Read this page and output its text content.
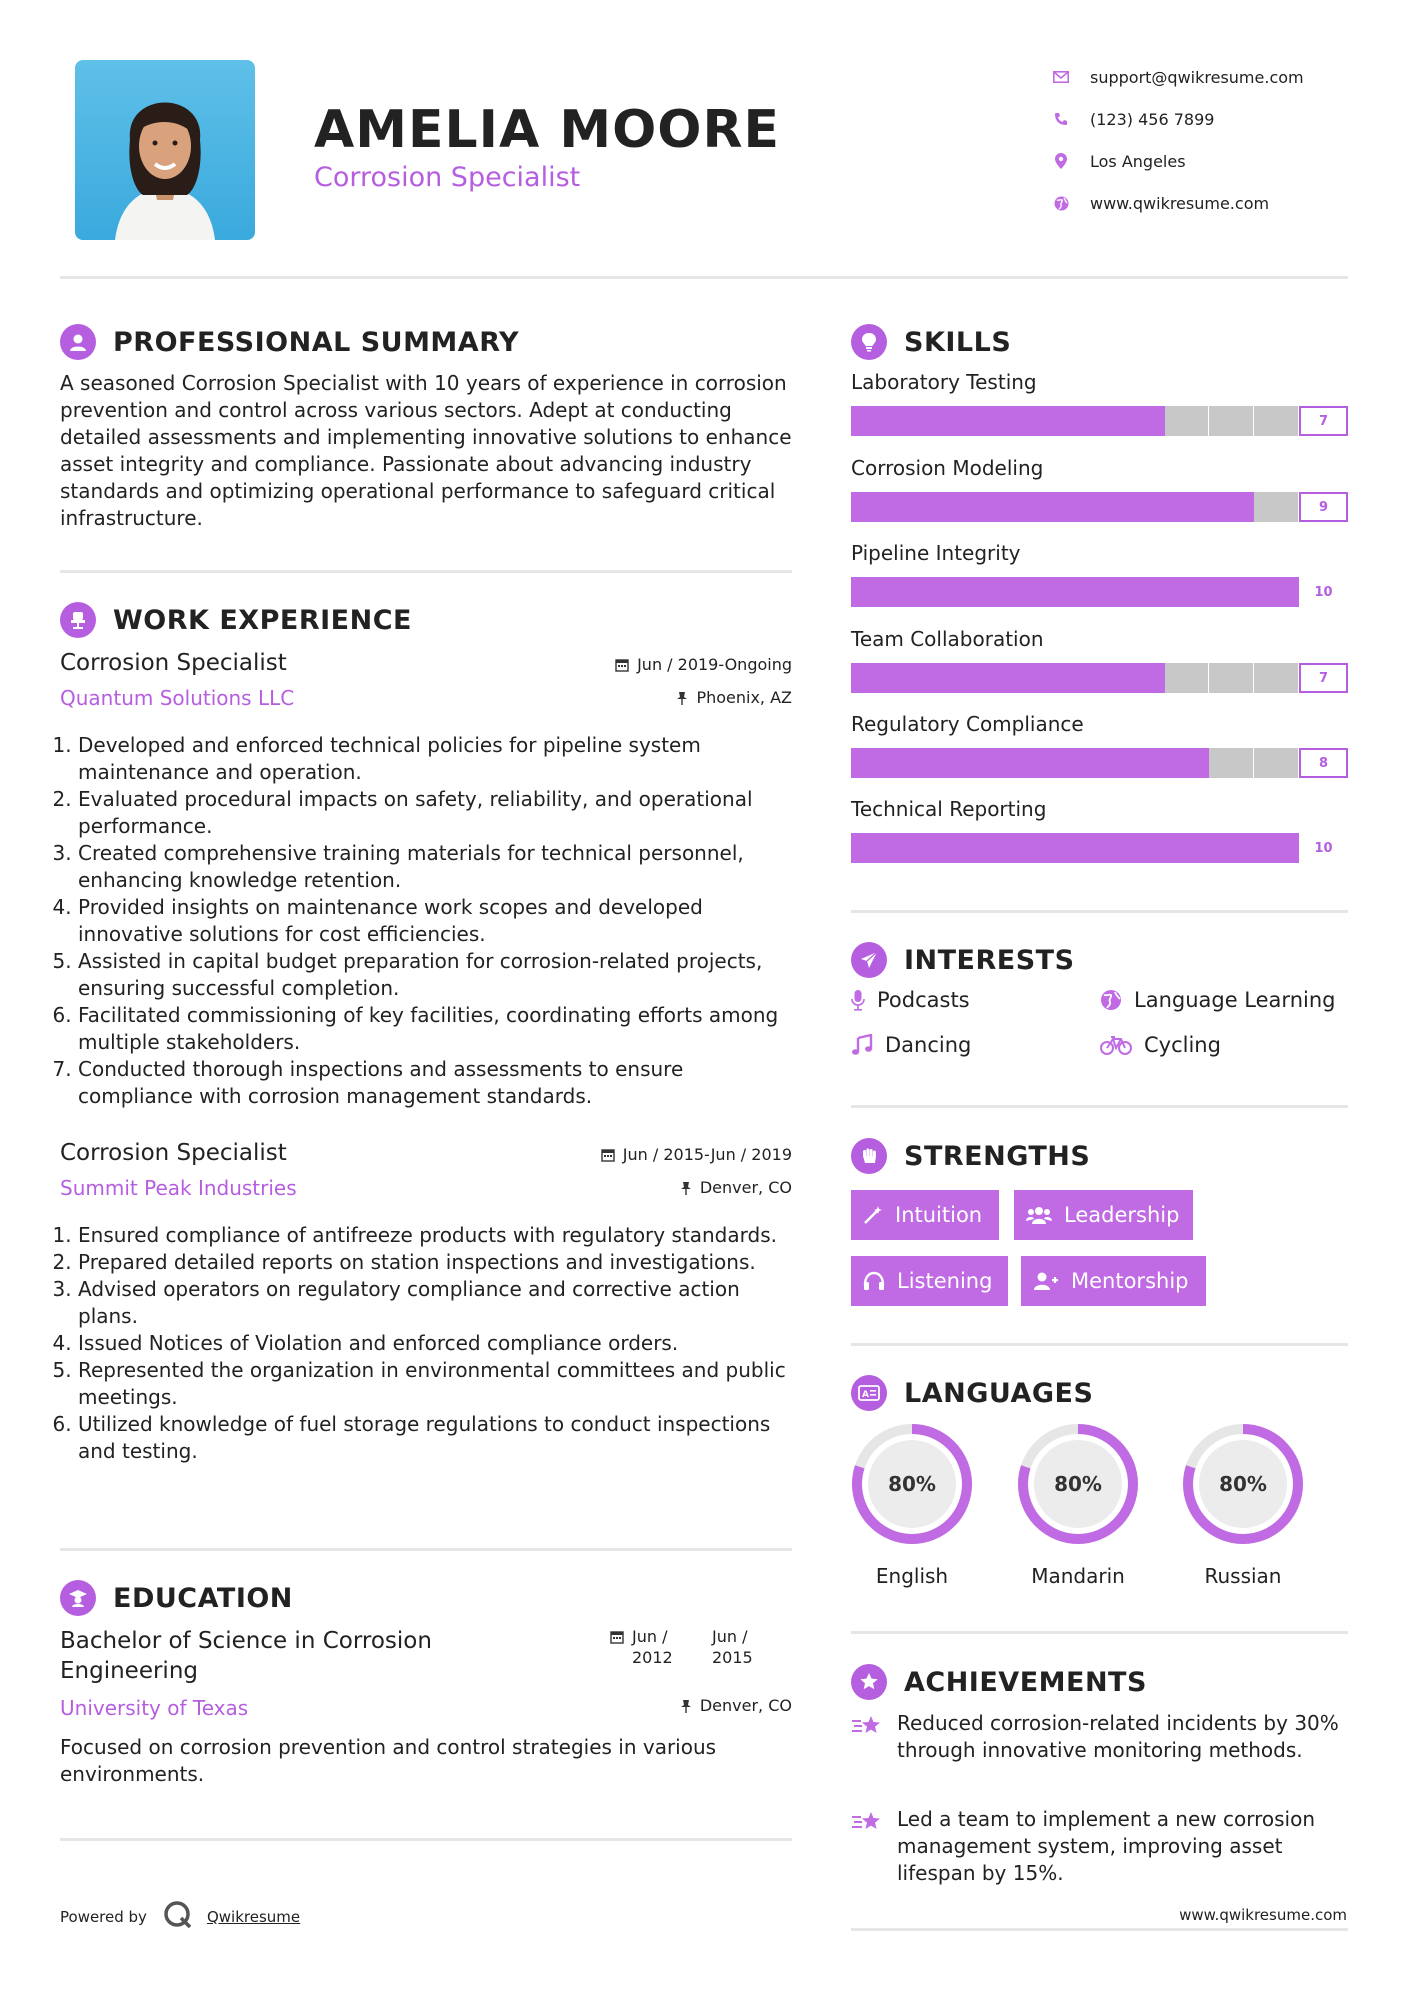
AMELIA MOORE
Corrosion Specialist
support@qwikresume.com
(123) 456 7899
Los Angeles
www.qwikresume.com
PROFESSIONAL SUMMARY
A seasoned Corrosion Specialist with 10 years of experience in corrosion prevention and control across various sectors. Adept at conducting detailed assessments and implementing innovative solutions to enhance asset integrity and compliance. Passionate about advancing industry standards and optimizing operational performance to safeguard critical infrastructure.
WORK EXPERIENCE
Corrosion Specialist
Quantum Solutions LLC
Jun / 2019-Ongoing
Phoenix, AZ
1. Developed and enforced technical policies for pipeline system maintenance and operation.
2. Evaluated procedural impacts on safety, reliability, and operational performance.
3. Created comprehensive training materials for technical personnel, enhancing knowledge retention.
4. Provided insights on maintenance work scopes and developed innovative solutions for cost efficiencies.
5. Assisted in capital budget preparation for corrosion-related projects, ensuring successful completion.
6. Facilitated commissioning of key facilities, coordinating efforts among multiple stakeholders.
7. Conducted thorough inspections and assessments to ensure compliance with corrosion management standards.
Corrosion Specialist
Summit Peak Industries
Jun / 2015-Jun / 2019
Denver, CO
1. Ensured compliance of antifreeze products with regulatory standards.
2. Prepared detailed reports on station inspections and investigations.
3. Advised operators on regulatory compliance and corrective action plans.
4. Issued Notices of Violation and enforced compliance orders.
5. Represented the organization in environmental committees and public meetings.
6. Utilized knowledge of fuel storage regulations to conduct inspections and testing.
EDUCATION
Bachelor of Science in Corrosion Engineering
University of Texas
Jun / 2012
Jun / 2015
Denver, CO
Focused on corrosion prevention and control strategies in various environments.
Powered by	Qwikresume	www.qwikresume.com
SKILLS
Laboratory Testing
7
Corrosion Modeling
9
Pipeline Integrity
10
Team Collaboration
7
Regulatory Compliance
8
Technical Reporting
10
INTERESTS
Podcasts	Language Learning
Dancing	Cycling
STRENGTHS
Intuition	Leadership
Listening	Mentorship
A LANGUAGES
80%
English
80%
Mandarin
80%
Russian
ACHIEVEMENTS
Reduced corrosion-related incidents by 30% through innovative monitoring methods.
Led a team to implement a new corrosion management system, improving asset lifespan by 15%.
